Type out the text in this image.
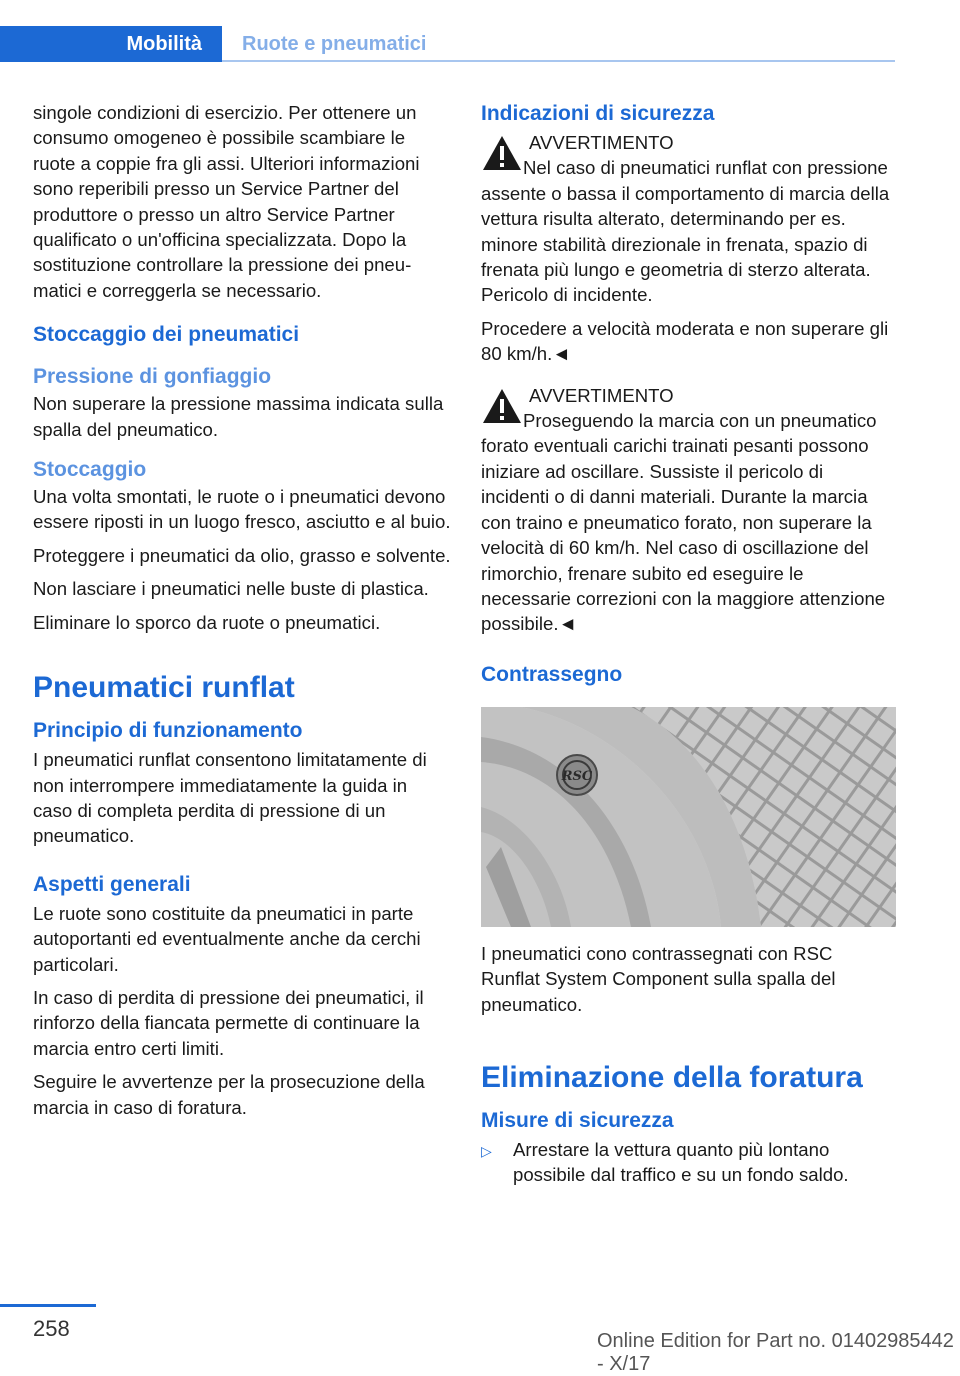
Mobilità	Ruote e pneumatici

singole condizioni di esercizio. Per ottenere un consumo omogeneo è possibile scambiare le ruote a coppie fra gli assi. Ulteriori informazioni sono reperibili presso un Service Partner del produttore o presso un altro Service Partner qualificato o un'officina specializzata. Dopo la sostituzione controllare la pressione dei pneumatici e correggerla se necessario.

Stoccaggio dei pneumatici
Pressione di gonfiaggio

Non superare la pressione massima indicata sulla spalla del pneumatico.

Stoccaggio

Una volta smontati, le ruote o i pneumatici devono essere riposti in un luogo fresco, asciutto e al buio.

Proteggere i pneumatici da olio, grasso e solvente.

Non lasciare i pneumatici nelle buste di plastica.

Eliminare lo sporco da ruote o pneumatici.

Pneumatici runflat
Principio di funzionamento

I pneumatici runflat consentono limitatamente di non interrompere immediatamente la guida in caso di completa perdita di pressione di un pneumatico.

Aspetti generali

Le ruote sono costituite da pneumatici in parte autoportanti ed eventualmente anche da cerchi particolari.

In caso di perdita di pressione dei pneumatici, il rinforzo della fiancata permette di continuare la marcia entro certi limiti.

Seguire le avvertenze per la prosecuzione della marcia in caso di foratura.

Indicazioni di sicurezza
AVVERTIMENTO

Nel caso di pneumatici runflat con pressione assente o bassa il comportamento di marcia della vettura risulta alterato, determinando per es. minore stabilità direzionale in frenata, spazio di frenata più lungo e geometria di sterzo alterata. Pericolo di incidente.

Procedere a velocità moderata e non superare gli 80 km/h.◄

AVVERTIMENTO

Proseguendo la marcia con un pneumatico forato eventuali carichi trainati pesanti possono iniziare ad oscillare. Sussiste il pericolo di incidenti o di danni materiali. Durante la marcia con traino e pneumatico forato, non superare la velocità di 60 km/h. Nel caso di oscillazione del rimorchio, frenare subito ed eseguire le necessarie correzioni con la maggiore attenzione possibile.◄

Contrassegno
RSC

I pneumatici cono contrassegnati con RSC Runflat System Component sulla spalla del pneumatico.

Eliminazione della foratura
Misure di sicurezza
▷	Arrestare la vettura quanto più lontano possibile dal traffico e su un fondo saldo.
258	Online Edition for Part no. 01402985442 - X/17
